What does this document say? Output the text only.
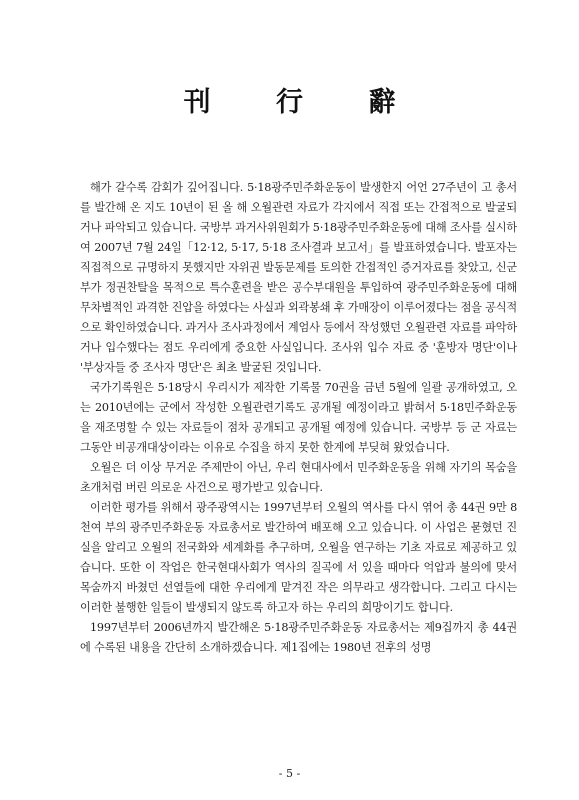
刊 行 辭

해가 갈수록 감회가 깊어집니다. 5·18광주민주화운동이 발생한지 어언 27주년이 고 총서를 발간해 온 지도 10년이 된 올 해 오월관련 자료가 각지에서 직접 또는 간접적으로 발굴되거나 파악되고 있습니다. 국방부 과거사위원회가 5·18광주민주화운동에 대해 조사를 실시하여 2007년 7월 24일「12·12, 5·17, 5·18 조사결과 보고서」를 발표하였습니다. 발포자는 직접적으로 규명하지 못했지만 자위권 발동문제를 토의한 간접적인 증거자료를 찾았고, 신군부가 정권찬탈을 목적으로 특수훈련을 받은 공수부대원을 투입하여 광주민주화운동에 대해 무차별적인 과격한 진압을 하였다는 사실과 외곽봉쇄 후 가매장이 이루어졌다는 점을 공식적으로 확인하였습니다. 과거사 조사과정에서 계엄사 등에서 작성했던 오월관련 자료를 파악하거나 입수했다는 점도 우리에게 중요한 사실입니다. 조사위 입수 자료 중 '훈방자 명단'이나 '부상자들 중 조사자 명단'은 최초 발굴된 것입니다.

국가기록원은 5·18당시 우리시가 제작한 기록물 70권을 금년 5월에 일괄 공개하였고, 오는 2010년에는 군에서 작성한 오월관련기록도 공개될 예정이라고 밝혀서 5·18민주화운동을 재조명할 수 있는 자료들이 점차 공개되고 공개될 예정에 있습니다. 국방부 등 군 자료는 그동안 비공개대상이라는 이유로 수집을 하지 못한 한계에 부딪혀 왔었습니다.

오월은 더 이상 무거운 주제만이 아닌, 우리 현대사에서 민주화운동을 위해 자기의 목숨을 초개처럼 버린 의로운 사건으로 평가받고 있습니다.

이러한 평가를 위해서 광주광역시는 1997년부터 오월의 역사를 다시 엮어 총 44권 9만 8천여 부의 광주민주화운동 자료총서로 발간하여 배포해 오고 있습니다. 이 사업은 묻혔던 진실을 알리고 오월의 전국화와 세계화를 추구하며, 오월을 연구하는 기초 자료로 제공하고 있습니다. 또한 이 작업은 한국현대사회가 역사의 질곡에 서 있을 때마다 억압과 불의에 맞서 목숨까지 바쳤던 선열들에 대한 우리에게 맡겨진 작은 의무라고 생각합니다. 그리고 다시는 이러한 불행한 일들이 발생되지 않도록 하고자 하는 우리의 희망이기도 합니다.

1997년부터 2006년까지 발간해온 5·18광주민주화운동 자료총서는 제9집까지 총 44권에 수록된 내용을 간단히 소개하겠습니다. 제1집에는 1980년 전후의 성명

- 5 -
